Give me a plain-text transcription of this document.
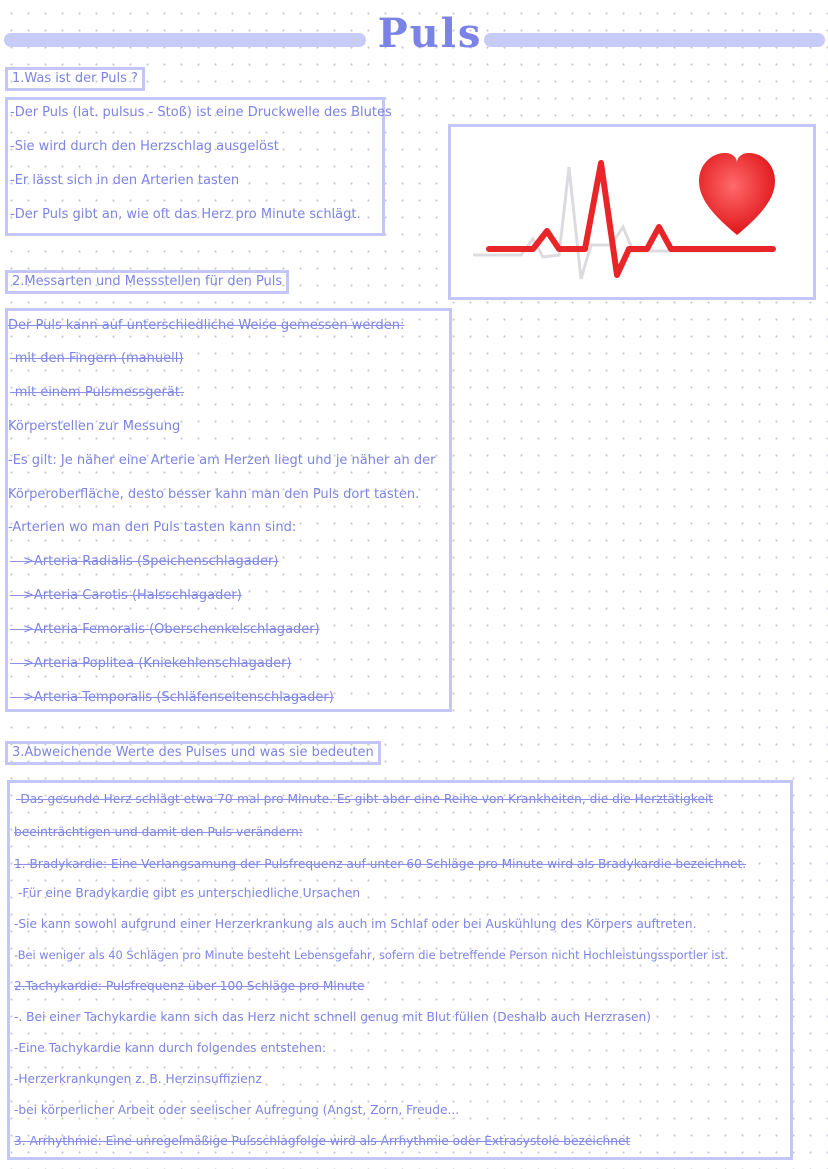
Puls
1.Was ist der Puls ?
-Der Puls (lat. pulsus - Stoß) ist eine Druckwelle des Blutes
-Sie wird durch den Herzschlag ausgelöst
-Er lässt sich in den Arterien tasten
-Der Puls gibt an, wie oft das Herz pro Minute schlägt.
2.Messarten und Messstellen für den Puls
Der Puls kann auf unterschiedliche Weise gemessen werden:
-mit den Fingern (manuell)
-mit einem Pulsmessgerät.
Körperstellen zur Messung
-Es gilt: Je näher eine Arterie am Herzen liegt und je näher an der
Körperoberfläche, desto besser kann man den Puls dort tasten.
-Arterien wo man den Puls tasten kann sind:
—>Arteria Radialis (Speichenschlagader)
—>Arteria Carotis (Halsschlagader)
—>Arteria Femoralis (Oberschenkelschlagader)
—>Arteria Poplitea (Kniekehlenschlagader)
—>Arteria Temporalis (Schläfenseitenschlagader)
3.Abweichende Werte des Pulses und was sie bedeuten
-Das gesunde Herz schlägt etwa 70-mal pro Minute. Es gibt aber eine Reihe von Krankheiten, die die Herztätigkeit
beeinträchtigen und damit den Puls verändern:
1. Bradykardie: Eine Verlangsamung der Pulsfrequenz auf unter 60 Schläge pro Minute wird als Bradykardie bezeichnet.
-Für eine Bradykardie gibt es unterschiedliche Ursachen
-Sie kann sowohl aufgrund einer Herzerkrankung als auch im Schlaf oder bei Auskühlung des Körpers auftreten.
-Bei weniger als 40 Schlägen pro Minute besteht Lebensgefahr, sofern die betreffende Person nicht Hochleistungssportler ist.
2.Tachykardie: Pulsfrequenz über 100 Schläge pro Minute
-. Bei einer Tachykardie kann sich das Herz nicht schnell genug mit Blut füllen (Deshalb auch Herzrasen)
-Eine Tachykardie kann durch folgendes entstehen:
-Herzerkrankungen z. B. Herzinsuffizienz
-bei körperlicher Arbeit oder seelischer Aufregung (Angst, Zorn, Freude...
3. Arrhythmie: Eine unregelmäßige Pulsschlagfolge wird als Arrhythmie oder Extrasystole bezeichnet
